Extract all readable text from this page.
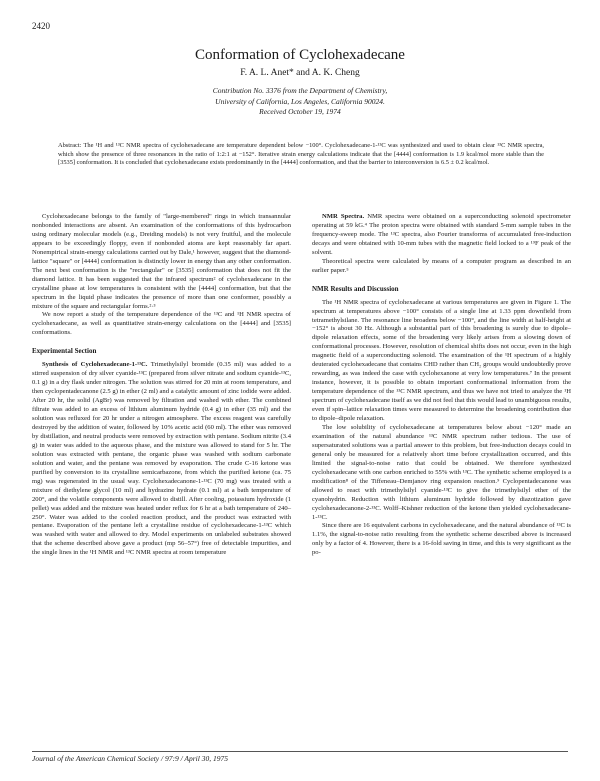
2420
Conformation of Cyclohexadecane
F. A. L. Anet* and A. K. Cheng
Contribution No. 3376 from the Department of Chemistry,
University of California, Los Angeles, California 90024.
Received October 19, 1974
Abstract: The ¹H and ¹³C NMR spectra of cyclohexadecane are temperature dependent below −100°. Cyclohexadecane-1-¹³C was synthesized and used to obtain clear ¹³C NMR spectra, which show the presence of three resonances in the ratio of 1:2:1 at −152°. Iterative strain energy calculations indicate that the [4444] conformation is 1.9 kcal/mol more stable than the [3535] conformation. It is concluded that cyclohexadecane exists predominantly in the [4444] conformation, and that the barrier to interconversion is 6.5 ± 0.2 kcal/mol.

Cyclohexadecane belongs to the family of "large-membered" rings in which transannular nonbonded interactions are absent. An examination of the conformations of this hydrocarbon using ordinary molecular models (e.g., Dreiding models) is not very fruitful, and the molecule appears to be exceedingly floppy, even if nonbonded atoms are kept reasonably far apart. Nonempirical strain-energy calculations carried out by Dale,¹ however, suggest that the diamond-lattice "square" or [4444] conformation is distinctly lower in energy than any other conformation. The next best conformation is the "rectangular" or [3535] conformation that does not fit the diamond lattice. It has been suggested that the infrared spectrum² of cyclohexadecane in the crystalline phase at low temperatures is consistent with the [4444] conformation, but that the spectrum in the liquid phase indicates the presence of more than one conformer, possibly a mixture of the square and rectangular forms.²·³

We now report a study of the temperature dependence of the ¹³C and ¹H NMR spectra of cyclohexadecane, as well as quantitative strain-energy calculations on the [4444] and [3535] conformations.

Experimental Section

Synthesis of Cyclohexadecane-1-¹³C. Trimethylsilyl bromide (0.35 ml) was added to a stirred suspension of dry silver cyanide-¹³C (prepared from silver nitrate and sodium cyanide-¹³C, 0.1 g) in a dry flask under nitrogen. The solution was stirred for 20 min at room temperature, and then cyclopentadecanone (2.5 g) in ether (2 ml) and a catalytic amount of zinc iodide were added. After 20 hr, the solid (AgBr) was removed by filtration and washed with ether. The combined filtrate was added to an excess of lithium aluminum hydride (0.4 g) in ether (35 ml) and the solution was refluxed for 20 hr under a nitrogen atmosphere. The excess reagent was carefully destroyed by the addition of water, followed by 10% acetic acid (60 ml). The ether was removed by distillation, and neutral products were removed by extraction with pentane. Sodium nitrite (3.4 g) in water was added to the aqueous phase, and the mixture was allowed to stand for 5 hr. The solution was extracted with pentane, the organic phase was washed with sodium carbonate solution and water, and the pentane was removed by evaporation. The crude C-16 ketone was purified by conversion to its crystalline semicarbazone, from which the purified ketone (ca. 75 mg) was regenerated in the usual way. Cyclohexadecanone-1-¹³C (70 mg) was treated with a mixture of diethylene glycol (10 ml) and hydrazine hydrate (0.1 ml) at a bath temperature of 200°, and the volatile components were allowed to distill. After cooling, potassium hydroxide (1 pellet) was added and the mixture was heated under reflux for 6 hr at a bath temperature of 240–250°. Water was added to the cooled reaction product, and the product was extracted with pentane. Evaporation of the pentane left a crystalline residue of cyclohexadecane-1-¹³C which was washed with water and allowed to dry. Model experiments on unlabeled substrates showed that the scheme described above gave a product (mp 56–57°) free of detectable impurities, and the single lines in the ¹H NMR and ¹³C NMR spectra at room temperature

NMR Spectra. NMR spectra were obtained on a superconducting solenoid spectrometer operating at 59 kG.⁴ The proton spectra were obtained with standard 5-mm sample tubes in the frequency-sweep mode. The ¹³C spectra, also Fourier transforms of accumulated free-induction decays and were obtained with 10-mm tubes with the magnetic field locked to a ¹⁹F peak of the solvent.

Theoretical spectra were calculated by means of a computer program as described in an earlier paper.⁵

NMR Results and Discussion

The ¹H NMR spectra of cyclohexadecane at various temperatures are given in Figure 1. The spectrum at temperatures above −100° consists of a single line at 1.33 ppm downfield from tetramethylsilane. The resonance line broadens below −100°, and the line width at half-height at −152° is about 30 Hz. Although a substantial part of this broadening is surely due to dipole–dipole relaxation effects, some of the broadening very likely arises from a slowing down of conformational processes. However, resolution of chemical shifts does not occur, even in the high magnetic field of a superconducting solenoid. The examination of the ¹H spectrum of a highly deuterated cyclohexadecane that contains CHD rather than CH₂ groups would undoubtedly prove rewarding, as was indeed the case with cyclohexanone at very low temperatures.⁷ In the present instance, however, it is possible to obtain important conformational information from the temperature dependence of the ¹³C NMR spectrum, and thus we have not tried to analyze the ¹H spectrum of cyclohexadecane itself as we did not feel that this would lead to unambiguous results, even if spin–lattice relaxation times were measured to determine the broadening contribution due to dipole–dipole relaxation.

The low solubility of cyclohexadecane at temperatures below about −120° made an examination of the natural abundance ¹³C NMR spectrum rather tedious. The use of supersaturated solutions was a partial answer to this problem, but free-induction decays could in general only be measured for a relatively short time before crystallization occurred, and this limited the signal-to-noise ratio that could be obtained. We therefore synthesized cyclohexadecane with one carbon enriched to 55% with ¹³C. The synthetic scheme employed is a modification⁸ of the Tiffeneau–Demjanov ring expansion reaction.⁹ Cyclopentadecanone was allowed to react with trimethylsilyl cyanide-¹³C to give the trimethylsilyl ether of the cyanohydrin. Reduction with lithium aluminum hydride followed by diazotization gave cyclohexadecanone-2-¹³C. Wolff–Kishner reduction of the ketone then yielded cyclohexadecane-1-¹³C.

Since there are 16 equivalent carbons in cyclohexadecane, and the natural abundance of ¹³C is 1.1%, the signal-to-noise ratio resulting from the synthetic scheme described above is increased only by a factor of 4. However, there is a 16-fold saving in time, and this is very significant as the po-

Journal of the American Chemical Society / 97:9 / April 30, 1975
